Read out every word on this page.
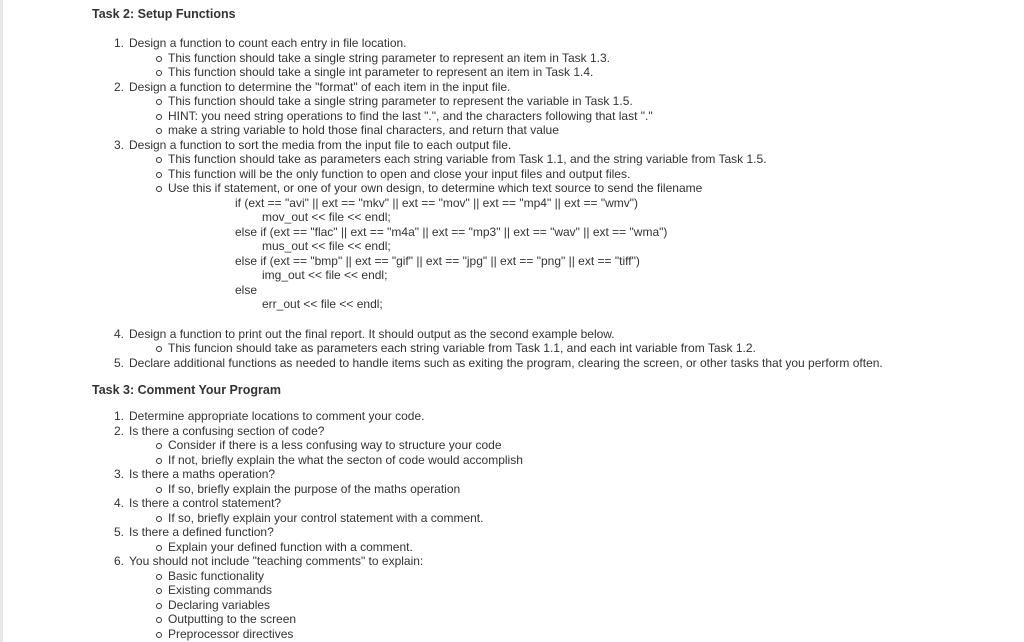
Task 2: Setup Functions
1. Design a function to count each entry in file location.
This function should take a single string parameter to represent an item in Task 1.3.
This function should take a single int parameter to represent an item in Task 1.4.
2. Design a function to determine the "format" of each item in the input file.
This function should take a single string parameter to represent the variable in Task 1.5.
HINT: you need string operations to find the last ".", and the characters following that last "."
make a string variable to hold those final characters, and return that value
3. Design a function to sort the media from the input file to each output file.
This function should take as parameters each string variable from Task 1.1, and the string variable from Task 1.5.
This function will be the only function to open and close your input files and output files.
Use this if statement, or one of your own design, to determine which text source to send the filename
if (ext == "avi" || ext == "mkv" || ext == "mov" || ext == "mp4" || ext == "wmv")
mov_out << file << endl;
else if (ext == "flac" || ext == "m4a" || ext == "mp3" || ext == "wav" || ext == "wma")
mus_out << file << endl;
else if (ext == "bmp" || ext == "gif" || ext == "jpg" || ext == "png" || ext == "tiff")
img_out << file << endl;
else
err_out << file << endl;
4. Design a function to print out the final report. It should output as the second example below.
This funcion should take as parameters each string variable from Task 1.1, and each int variable from Task 1.2.
5. Declare additional functions as needed to handle items such as exiting the program, clearing the screen, or other tasks that you perform often.
Task 3: Comment Your Program
1. Determine appropriate locations to comment your code.
2. Is there a confusing section of code?
Consider if there is a less confusing way to structure your code
If not, briefly explain the what the secton of code would accomplish
3. Is there a maths operation?
If so, briefly explain the purpose of the maths operation
4. Is there a control statement?
If so, briefly explain your control statement with a comment.
5. Is there a defined function?
Explain your defined function with a comment.
6. You should not include "teaching comments" to explain:
Basic functionality
Existing commands
Declaring variables
Outputting to the screen
Preprocessor directives
